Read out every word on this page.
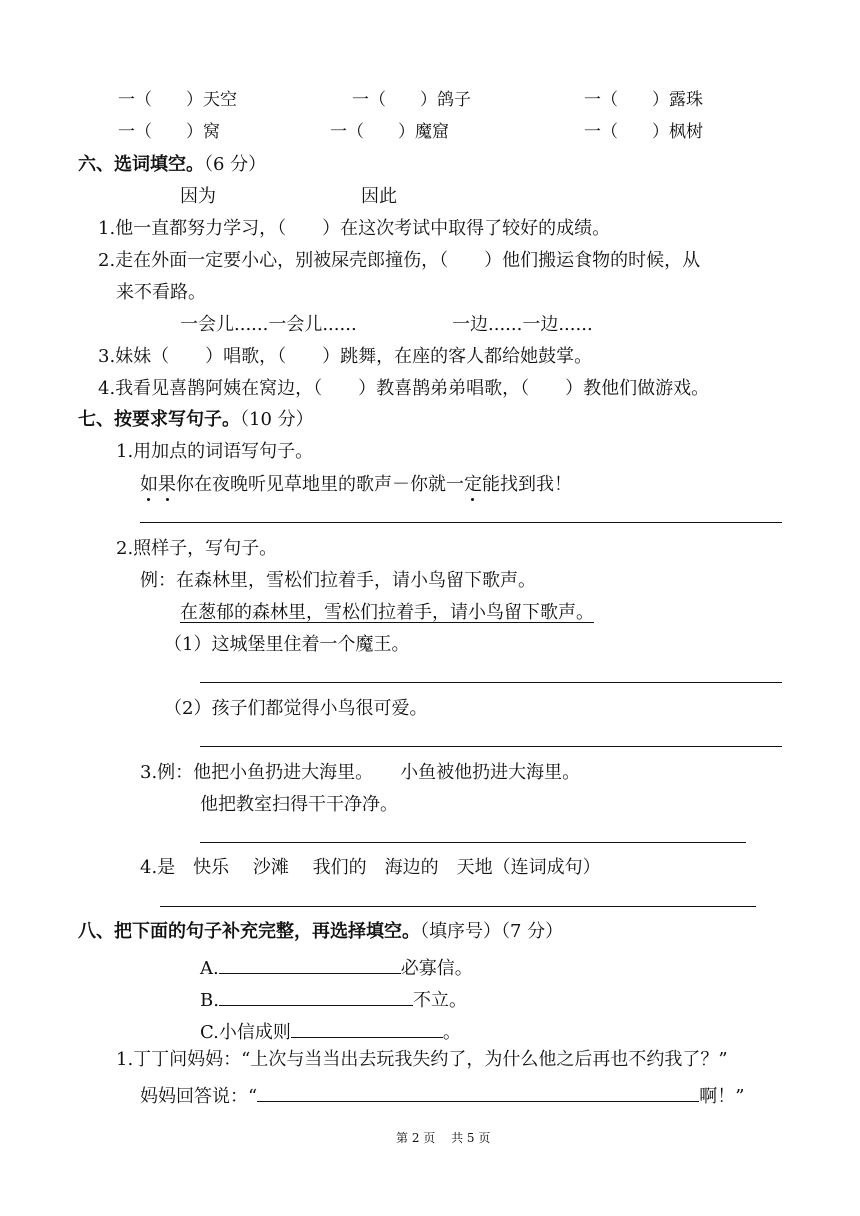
一（　　）天空	一（　　）鸽子	一（　　）露珠
一（　　）窝	一（　　）魔窟	一（　　）枫树
六、选词填空。（6 分）
因为	因此
1.他一直都努力学习，（　　）在这次考试中取得了较好的成绩。
2.走在外面一定要小心，别被屎壳郎撞伤，（　　）他们搬运食物的时候，从
来不看路。
一会儿......一会儿......	一边......一边......
3.妹妹（　　）唱歌，（　　）跳舞，在座的客人都给她鼓掌。
4.我看见喜鹊阿姨在窝边，（　　）教喜鹊弟弟唱歌，（　　）教他们做游戏。
七、按要求写句子。（10 分）
1.用加点的词语写句子。
如果你在夜晚听见草地里的歌声－你就一定能找到我！
2.照样子，写句子。
例：在森林里，雪松们拉着手，请小鸟留下歌声。
在葱郁的森林里，雪松们拉着手，请小鸟留下歌声。
（1）这城堡里住着一个魔王。
（2）孩子们都觉得小鸟很可爱。
3.例：他把小鱼扔进大海里。　　小鱼被他扔进大海里。
他把教室扫得干干净净。
4.是　快乐　 沙滩　 我们的　海边的　天地（连词成句）
八、把下面的句子补充完整，再选择填空。（填序号）（7 分）
A.	必寡信。
B.	不立。
C.小信成则	。
1.丁丁问妈妈：“上次与当当出去玩我失约了，为什么他之后再也不约我了？”
妈妈回答说：“	啊！”
第 2 页　 共 5 页
